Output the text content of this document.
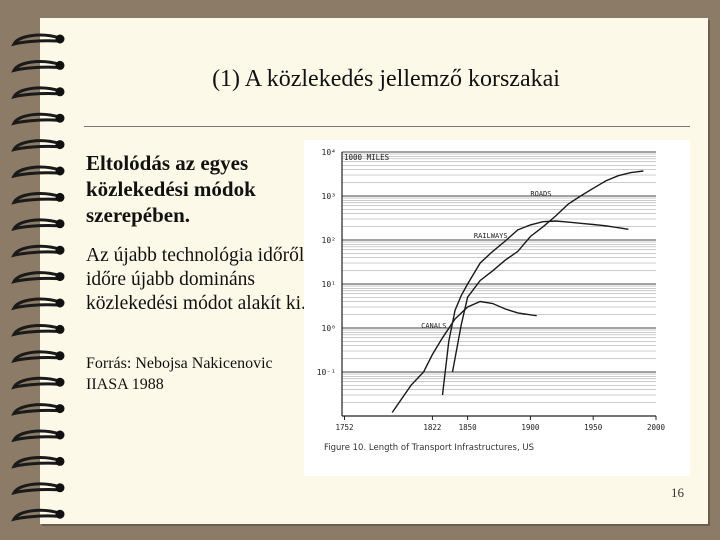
(1) A közlekedés jellemző korszakai
Eltolódás az egyes közlekedési módok szerepében.
Az újabb technológia időről időre újabb domináns közlekedési módot alakít ki.
Forrás: Nebojsa Nakicenovic IIASA 1988
1752	1822 1850	1900	1950	2000
10⁴
10³
10²
10¹
10⁰
10⁻¹
1000 MILES
ROADS
RAILWAYS
CANALS
Figure 10. Length of Transport Infrastructures, US
16
